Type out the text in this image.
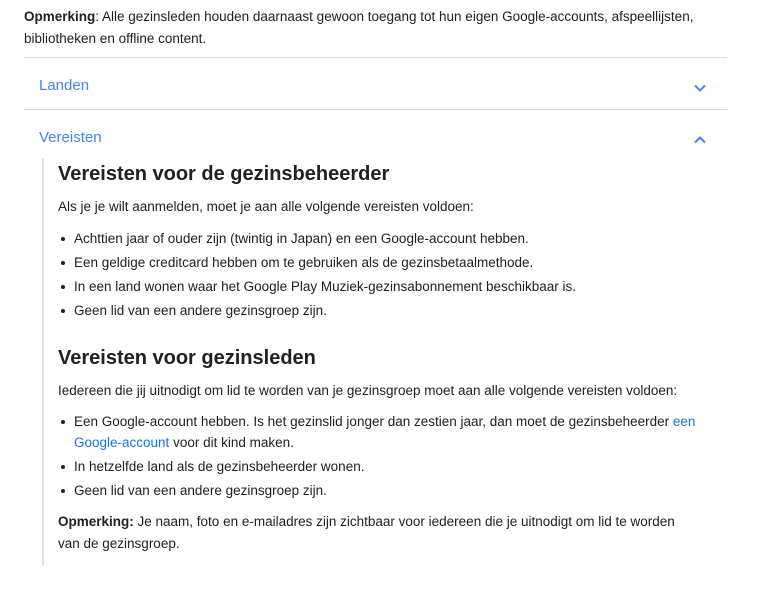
Opmerking: Alle gezinsleden houden daarnaast gewoon toegang tot hun eigen Google-accounts, afspeellijsten, bibliotheken en offline content.
Landen
Vereisten
Vereisten voor de gezinsbeheerder

Als je je wilt aanmelden, moet je aan alle volgende vereisten voldoen:

Achttien jaar of ouder zijn (twintig in Japan) en een Google-account hebben.
Een geldige creditcard hebben om te gebruiken als de gezinsbetaalmethode.
In een land wonen waar het Google Play Muziek-gezinsabonnement beschikbaar is.
Geen lid van een andere gezinsgroep zijn.
Vereisten voor gezinsleden

Iedereen die jij uitnodigt om lid te worden van je gezinsgroep moet aan alle volgende vereisten voldoen:

Een Google-account hebben. Is het gezinslid jonger dan zestien jaar, dan moet de gezinsbeheerder een Google-account voor dit kind maken.
In hetzelfde land als de gezinsbeheerder wonen.
Geen lid van een andere gezinsgroep zijn.

Opmerking: Je naam, foto en e-mailadres zijn zichtbaar voor iedereen die je uitnodigt om lid te worden van de gezinsgroep.
